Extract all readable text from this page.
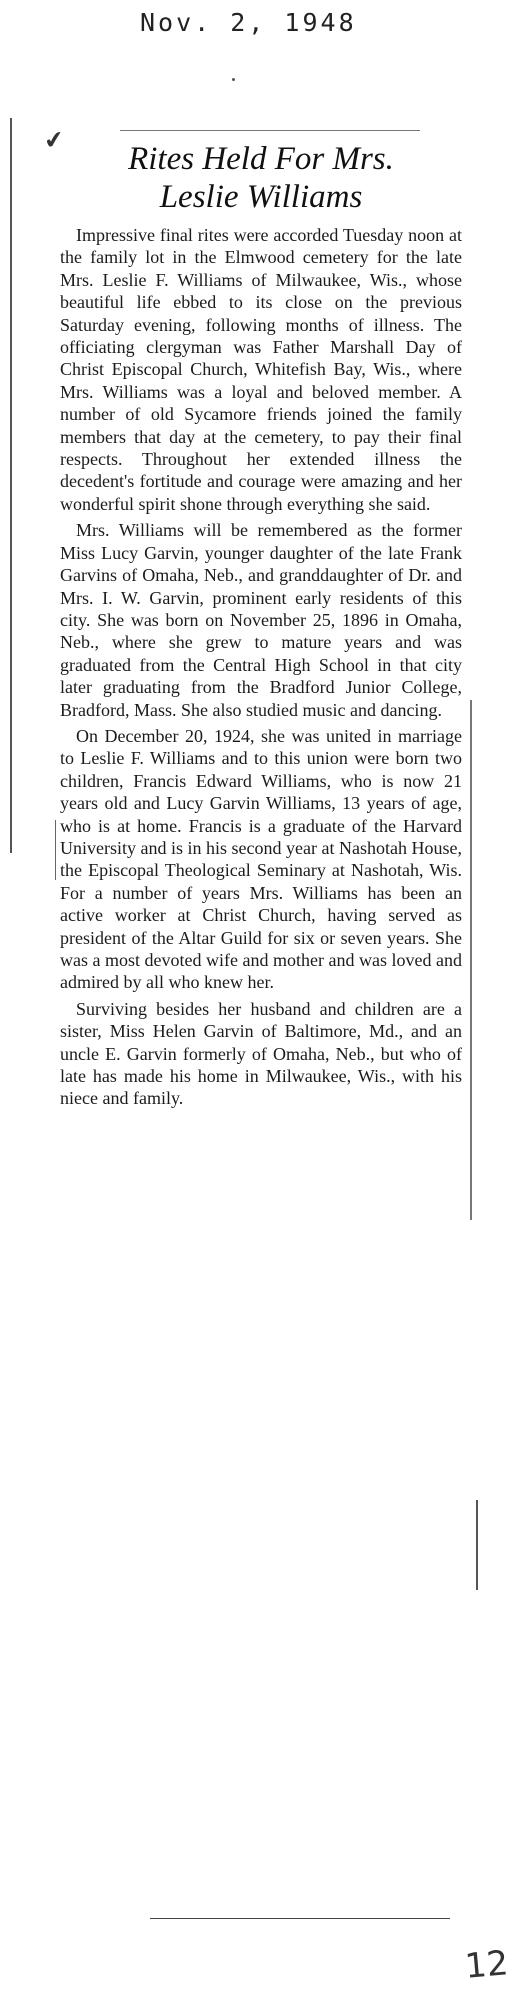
Nov. 2, 1948
✔
Rites Held For Mrs.
Leslie Williams

Impressive final rites were accorded Tuesday noon at the family lot in the Elmwood cemetery for the late Mrs. Leslie F. Williams of Milwaukee, Wis., whose beautiful life ebbed to its close on the previous Saturday evening, following months of illness. The officiating clergyman was Father Marshall Day of Christ Episcopal Church, Whitefish Bay, Wis., where Mrs. Williams was a loyal and beloved member. A number of old Sycamore friends joined the family members that day at the cemetery, to pay their final respects. Throughout her extended illness the decedent's fortitude and courage were amazing and her wonderful spirit shone through everything she said.

Mrs. Williams will be remembered as the former Miss Lucy Garvin, younger daughter of the late Frank Garvins of Omaha, Neb., and granddaughter of Dr. and Mrs. I. W. Garvin, prominent early residents of this city. She was born on November 25, 1896 in Omaha, Neb., where she grew to mature years and was graduated from the Central High School in that city later graduating from the Bradford Junior College, Bradford, Mass. She also studied music and dancing.

On December 20, 1924, she was united in marriage to Leslie F. Williams and to this union were born two children, Francis Edward Williams, who is now 21 years old and Lucy Garvin Williams, 13 years of age, who is at home. Francis is a graduate of the Harvard University and is in his second year at Nashotah House, the Episcopal Theological Seminary at Nashotah, Wis. For a number of years Mrs. Williams has been an active worker at Christ Church, having served as president of the Altar Guild for six or seven years. She was a most devoted wife and mother and was loved and admired by all who knew her.

Surviving besides her husband and children are a sister, Miss Helen Garvin of Baltimore, Md., and an uncle E. Garvin formerly of Omaha, Neb., but who of late has made his home in Milwaukee, Wis., with his niece and family.

12
